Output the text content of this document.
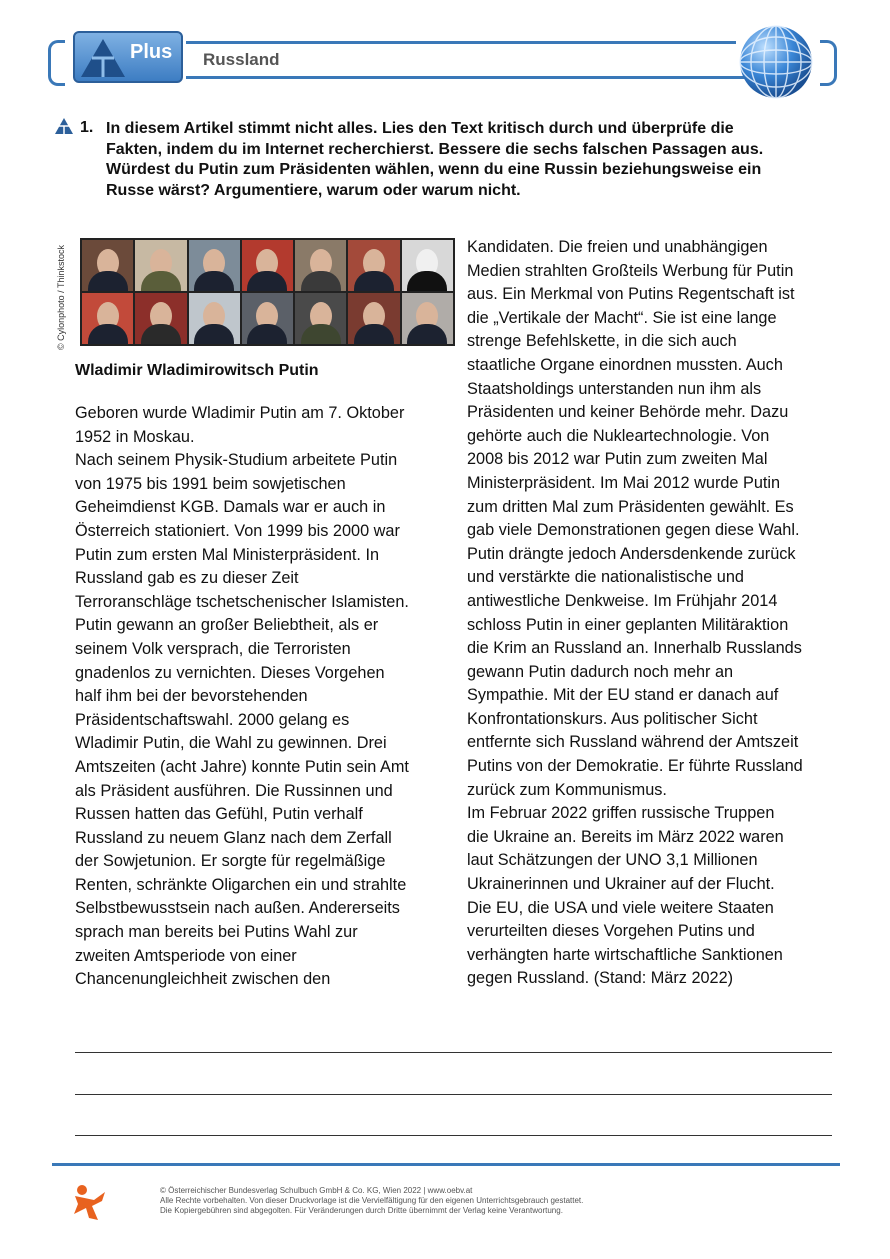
Plus Russland
1. In diesem Artikel stimmt nicht alles. Lies den Text kritisch durch und überprüfe die
Fakten, indem du im Internet recherchierst. Bessere die sechs falschen Passagen aus.
Würdest du Putin zum Präsidenten wählen, wenn du eine Russin beziehungsweise ein
Russe wärst? Argumentiere, warum oder warum nicht.
© Cylonphoto / Thinkstock
Wladimir Wladimirowitsch Putin
Geboren wurde Wladimir Putin am 7. Oktober
1952 in Moskau.
Nach seinem Physik-Studium arbeitete Putin
von 1975 bis 1991 beim sowjetischen
Geheimdienst KGB. Damals war er auch in
Österreich stationiert. Von 1999 bis 2000 war
Putin zum ersten Mal Ministerpräsident. In
Russland gab es zu dieser Zeit
Terroranschläge tschetschenischer Islamisten.
Putin gewann an großer Beliebtheit, als er
seinem Volk versprach, die Terroristen
gnadenlos zu vernichten. Dieses Vorgehen
half ihm bei der bevorstehenden
Präsidentschaftswahl. 2000 gelang es
Wladimir Putin, die Wahl zu gewinnen. Drei
Amtszeiten (acht Jahre) konnte Putin sein Amt
als Präsident ausführen. Die Russinnen und
Russen hatten das Gefühl, Putin verhalf
Russland zu neuem Glanz nach dem Zerfall
der Sowjetunion. Er sorgte für regelmäßige
Renten, schränkte Oligarchen ein und strahlte
Selbstbewusstsein nach außen. Andererseits
sprach man bereits bei Putins Wahl zur
zweiten Amtsperiode von einer
Chancenungleichheit zwischen den
Kandidaten. Die freien und unabhängigen
Medien strahlten Großteils Werbung für Putin
aus. Ein Merkmal von Putins Regentschaft ist
die „Vertikale der Macht“. Sie ist eine lange
strenge Befehlskette, in die sich auch
staatliche Organe einordnen mussten. Auch
Staatsholdings unterstanden nun ihm als
Präsidenten und keiner Behörde mehr. Dazu
gehörte auch die Nukleartechnologie. Von
2008 bis 2012 war Putin zum zweiten Mal
Ministerpräsident. Im Mai 2012 wurde Putin
zum dritten Mal zum Präsidenten gewählt. Es
gab viele Demonstrationen gegen diese Wahl.
Putin drängte jedoch Andersdenkende zurück
und verstärkte die nationalistische und
antiwestliche Denkweise. Im Frühjahr 2014
schloss Putin in einer geplanten Militäraktion
die Krim an Russland an. Innerhalb Russlands
gewann Putin dadurch noch mehr an
Sympathie. Mit der EU stand er danach auf
Konfrontationskurs. Aus politischer Sicht
entfernte sich Russland während der Amtszeit
Putins von der Demokratie. Er führte Russland
zurück zum Kommunismus.
Im Februar 2022 griffen russische Truppen
die Ukraine an. Bereits im März 2022 waren
laut Schätzungen der UNO 3,1 Millionen
Ukrainerinnen und Ukrainer auf der Flucht.
Die EU, die USA und viele weitere Staaten
verurteilten dieses Vorgehen Putins und
verhängten harte wirtschaftliche Sanktionen
gegen Russland. (Stand: März 2022)
© Österreichischer Bundesverlag Schulbuch GmbH & Co. KG, Wien 2022 | www.oebv.at
Alle Rechte vorbehalten. Von dieser Druckvorlage ist die Vervielfältigung für den eigenen Unterrichtsgebrauch gestattet.
Die Kopiergebühren sind abgegolten. Für Veränderungen durch Dritte übernimmt der Verlag keine Verantwortung.
